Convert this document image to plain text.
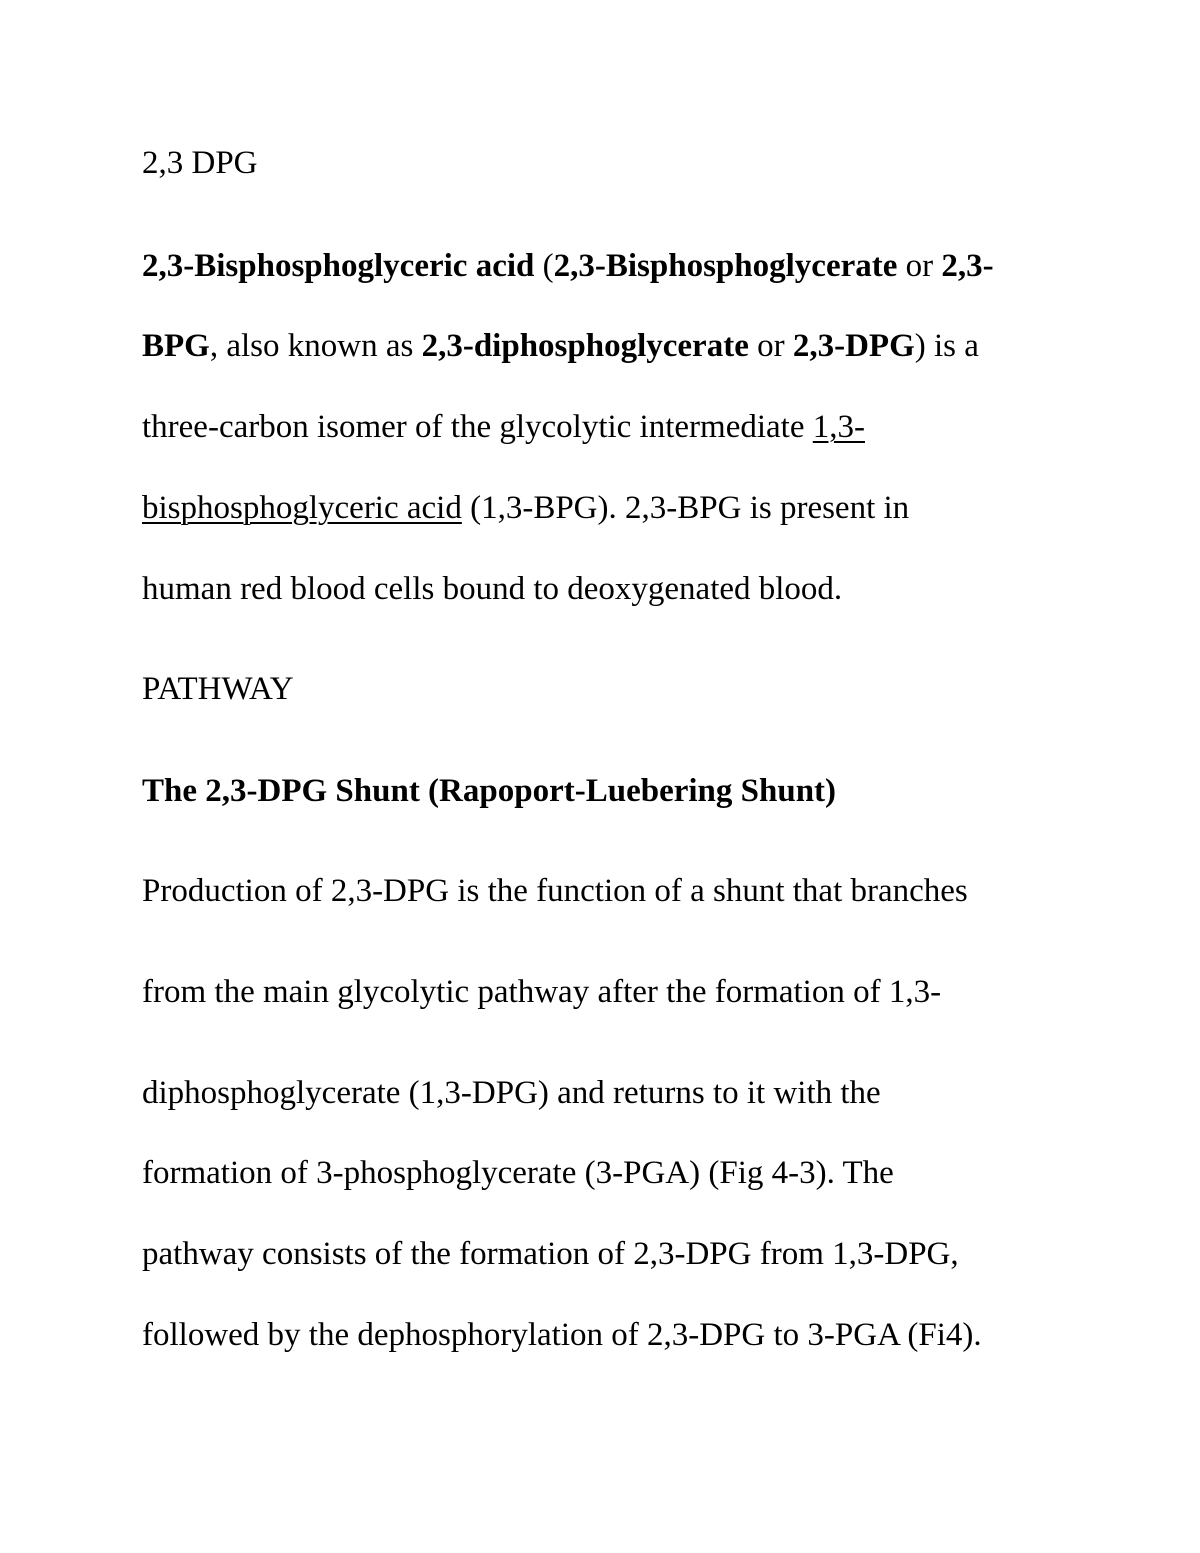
2,3 DPG
2,3-Bisphosphoglyceric acid (2,3-Bisphosphoglycerate or 2,3-
BPG, also known as 2,3-diphosphoglycerate or 2,3-DPG) is a
three-carbon isomer of the glycolytic intermediate 1,3-
bisphosphoglyceric acid (1,3-BPG). 2,3-BPG is present in
human red blood cells bound to deoxygenated blood.
PATHWAY
The 2,3-DPG Shunt (Rapoport-Luebering Shunt)
Production of 2,3-DPG is the function of a shunt that branches
from the main glycolytic pathway after the formation of 1,3-
diphosphoglycerate (1,3-DPG) and returns to it with the
formation of 3-phosphoglycerate (3-PGA) (Fig 4-3). The
pathway consists of the formation of 2,3-DPG from 1,3-DPG,
followed by the dephosphorylation of 2,3-DPG to 3-PGA (Fi4).
